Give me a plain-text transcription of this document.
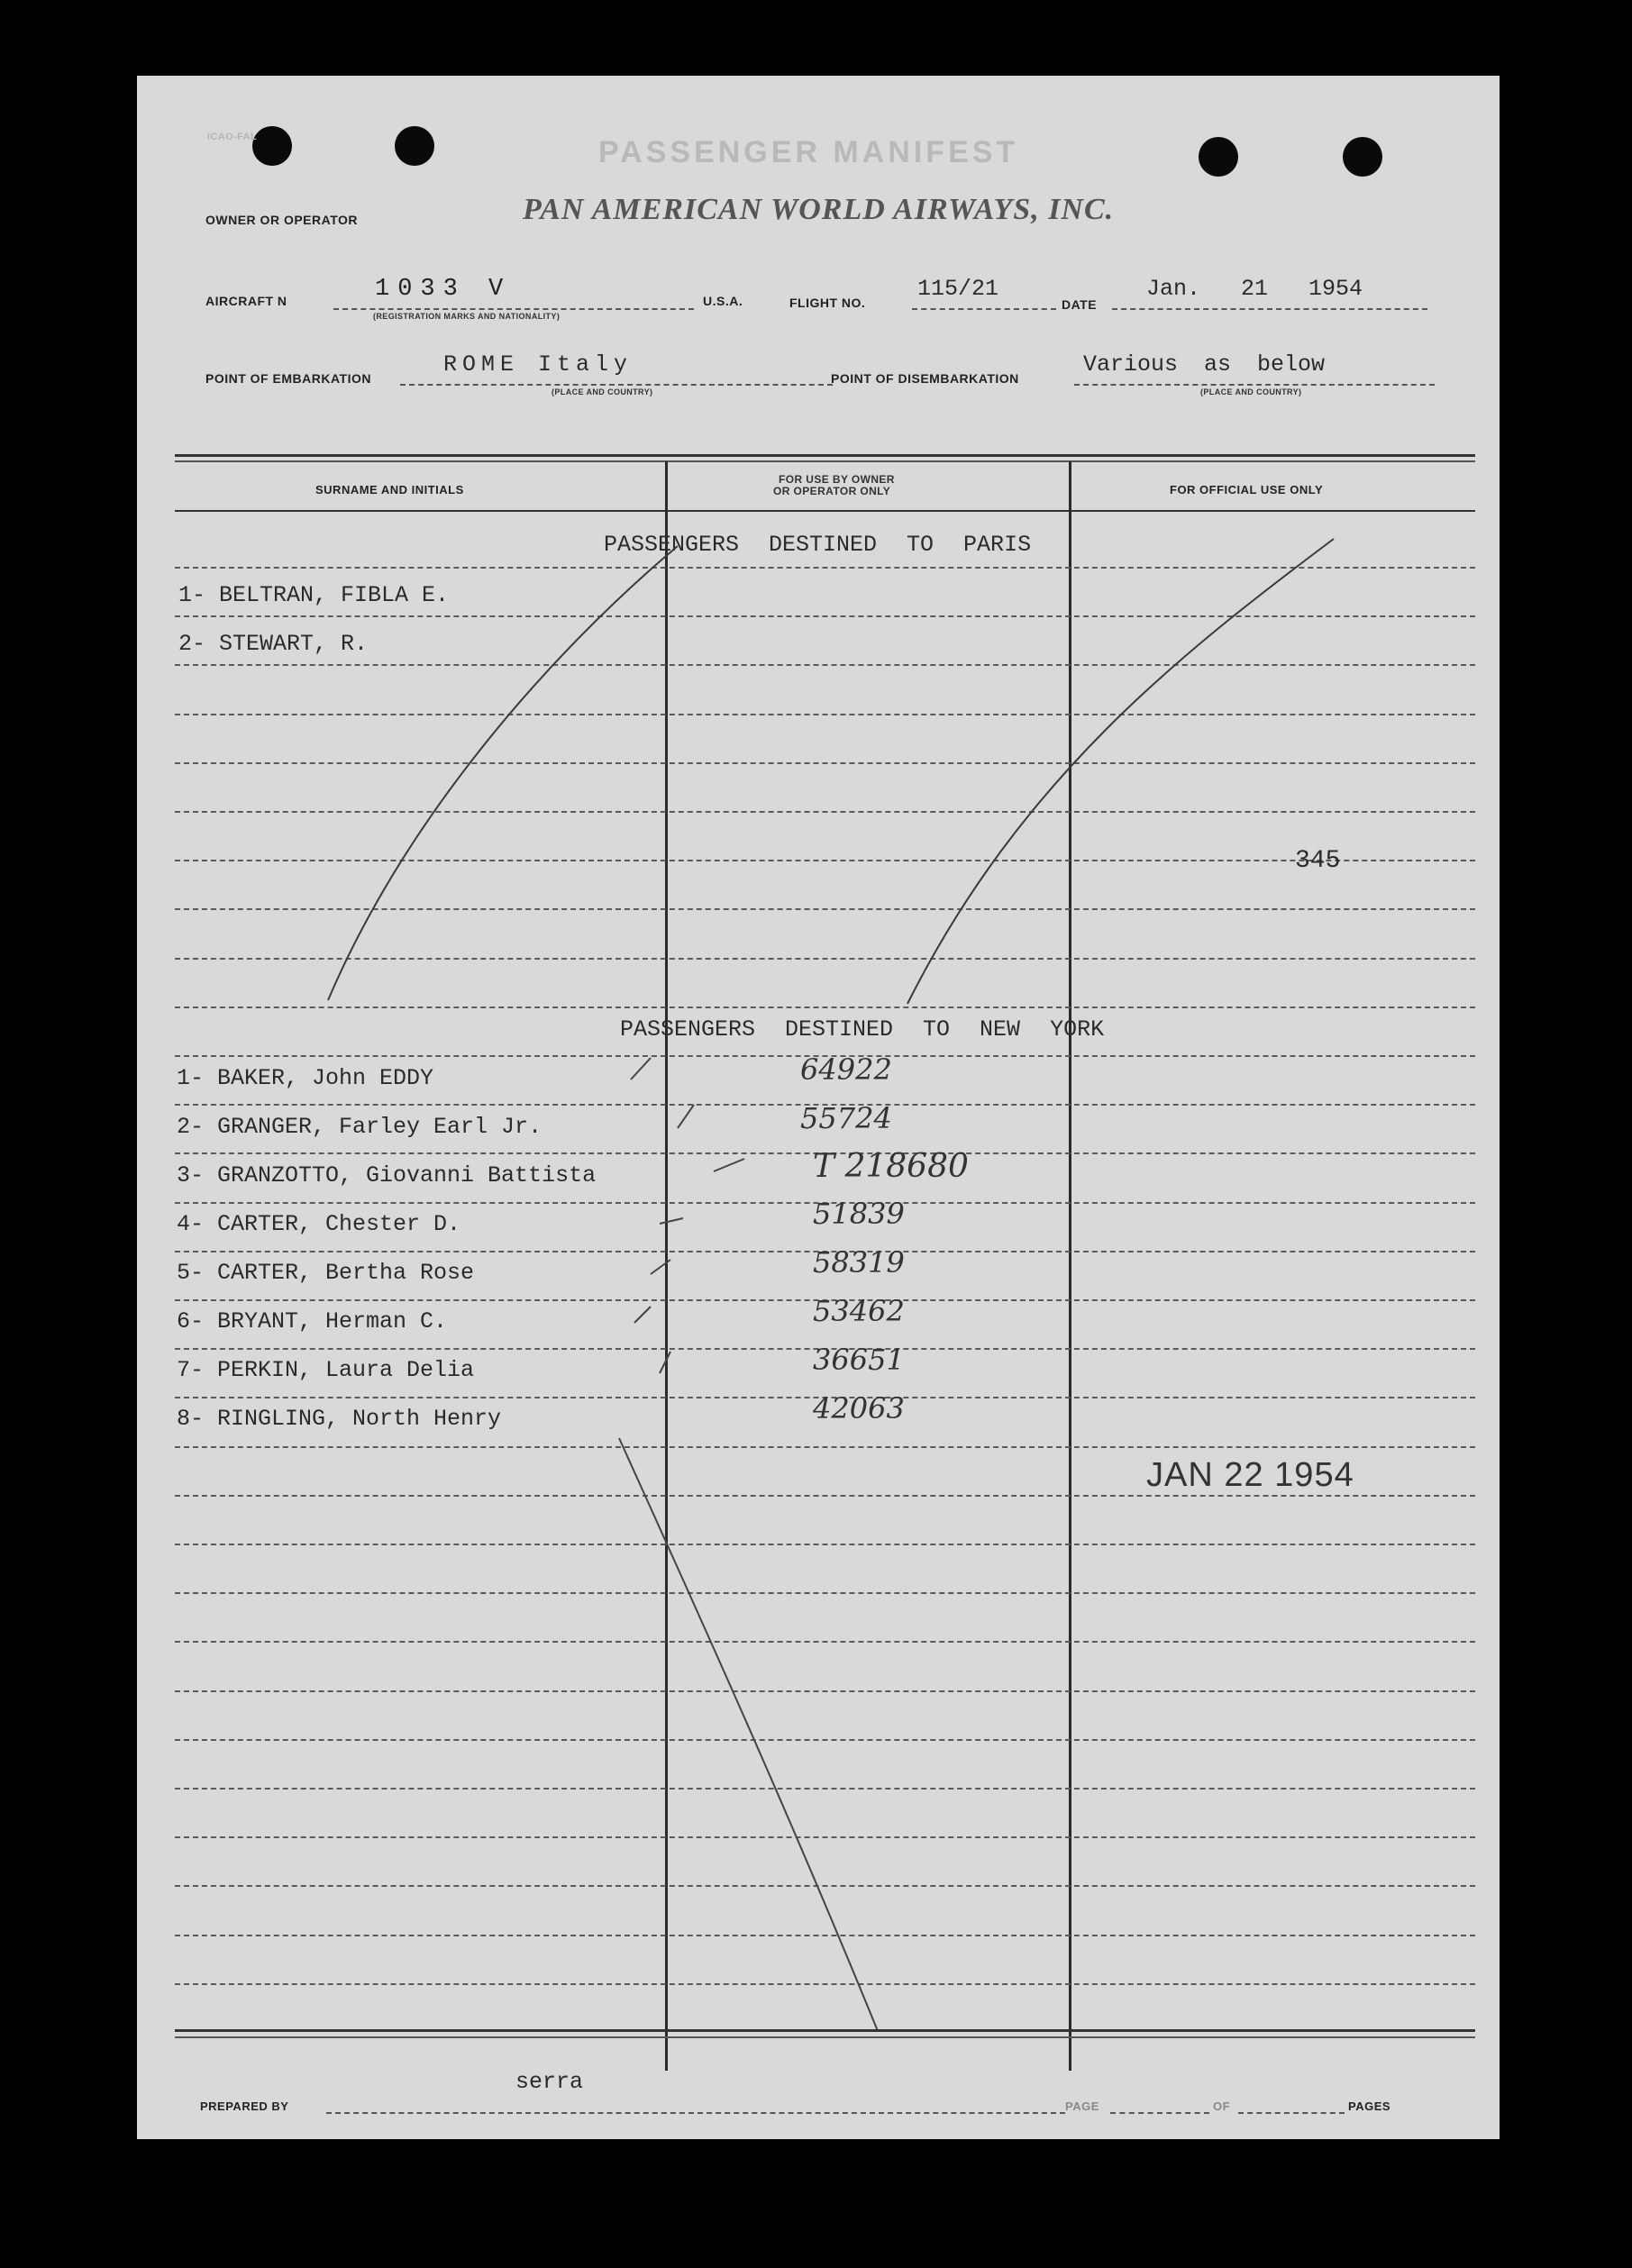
ICAO-FAL	PASSENGER MANIFEST
OWNER OR OPERATOR	PAN AMERICAN WORLD AIRWAYS, INC.
AIRCRAFT N	1033 V
(REGISTRATION MARKS AND NATIONALITY)
U.S.A.	FLIGHT NO.
115/21
DATE
Jan. 21 1954
POINT OF EMBARKATION
ROME Italy
(PLACE AND COUNTRY)
POINT OF DISEMBARKATION
Various as below
(PLACE AND COUNTRY)
SURNAME AND INITIALS
FOR USE BY OWNER
OR OPERATOR ONLY	FOR OFFICIAL USE ONLY
PASSENGERS DESTINED TO PARIS
1- BELTRAN, FIBLA E.
2- STEWART, R.
345
PASSENGERS DESTINED TO NEW YORK
1- BAKER, John EDDY	64922
2- GRANGER, Farley Earl Jr.	55724
3- GRANZOTTO, Giovanni Battista	T 218680
4- CARTER, Chester D.	51839
5- CARTER, Bertha Rose	58319
6- BRYANT, Herman C.	53462
7- PERKIN, Laura Delia	36651
8- RINGLING, North Henry	42063
JAN 22 1954
PREPARED BY
serra
PAGE	OF	PAGES
